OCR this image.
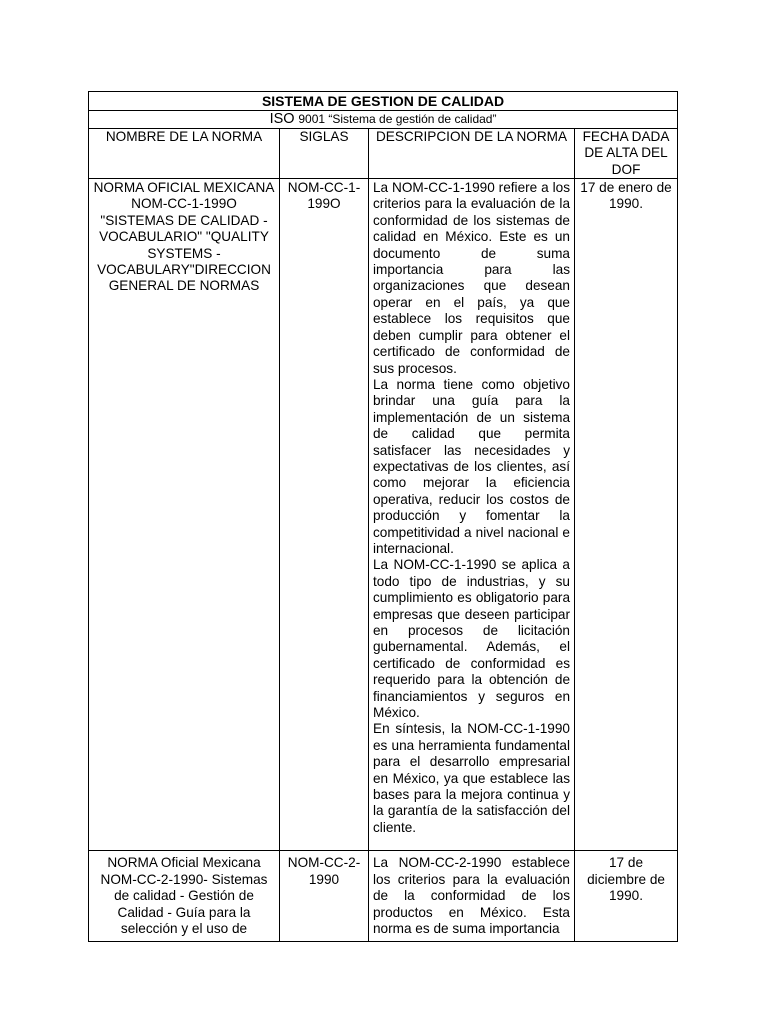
SISTEMA DE GESTION DE CALIDAD			
ISO 9001 “Sistema de gestión de calidad”			
NOMBRE DE LA NORMA	SIGLAS	DESCRIPCION DE LA NORMA	FECHA DADA DE ALTA DEL DOF
NORMA OFICIAL MEXICANA NOM-CC-1-199O "SISTEMAS DE CALIDAD - VOCABULARIO" "QUALITY SYSTEMS - VOCABULARY"DIRECCION GENERAL DE NORMAS	NOM-CC-1-199O	La NOM-CC-1-1990 refiere a los criterios para la evaluación de la conformidad de los sistemas de calidad en México. Este es un documento de suma importancia para las organizaciones que desean operar en el país, ya que establece los requisitos que deben cumplir para obtener el certificado de conformidad de sus procesos.
La norma tiene como objetivo brindar una guía para la implementación de un sistema de calidad que permita satisfacer las necesidades y expectativas de los clientes, así como mejorar la eficiencia operativa, reducir los costos de producción y fomentar la competitividad a nivel nacional e internacional.
La NOM-CC-1-1990 se aplica a todo tipo de industrias, y su cumplimiento es obligatorio para empresas que deseen participar en procesos de licitación gubernamental. Además, el certificado de conformidad es requerido para la obtención de financiamientos y seguros en México.
En síntesis, la NOM-CC-1-1990 es una herramienta fundamental para el desarrollo empresarial en México, ya que establece las bases para la mejora continua y la garantía de la satisfacción del cliente.	17 de enero de 1990.

NORMA Oficial Mexicana NOM-CC-2-1990- Sistemas de calidad - Gestión de Calidad - Guía para la selección y el uso de	NOM-CC-2-1990	La NOM-CC-2-1990 establece los criterios para la evaluación de la conformidad de los productos en México. Esta norma es de suma importancia	17 de diciembre de 1990.
